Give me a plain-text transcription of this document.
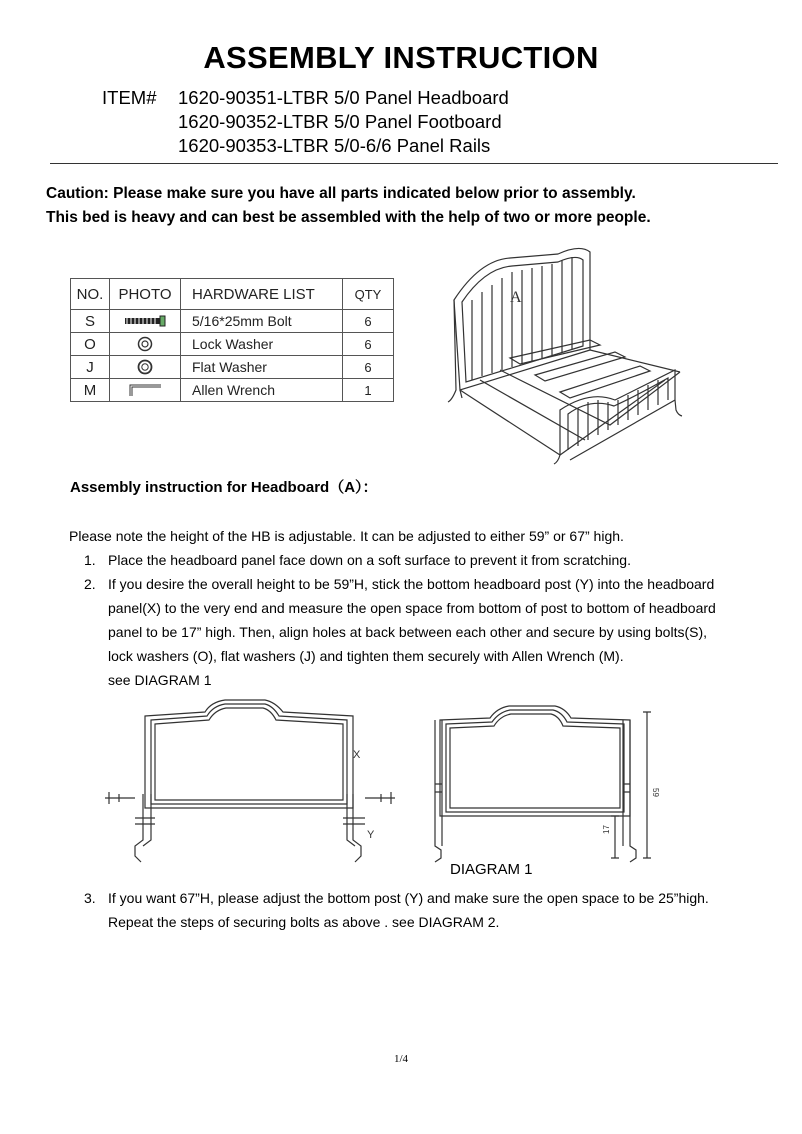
ASSEMBLY INSTRUCTION
ITEM# 1620-90351-LTBR 5/0 Panel Headboard
1620-90352-LTBR 5/0 Panel Footboard
1620-90353-LTBR 5/0-6/6 Panel Rails
Caution: Please make sure you have all parts indicated below prior to assembly.
This bed is heavy and can best be assembled with the help of two or more people.
NO.	PHOTO	HARDWARE LIST	QTY
S		5/16*25mm Bolt	6
O		Lock Washer	6
J		Flat Washer	6
M		Allen Wrench	1
A
Assembly instruction for Headboard（A）：
Please note the height of the HB is adjustable. It can be adjusted to either 59” or 67” high.
1. Place the headboard panel face down on a soft surface to prevent it from scratching.
2. If you desire the overall height to be 59”H, stick the bottom headboard post (Y) into the headboard
panel(X) to the very end and measure the open space from bottom of post to bottom of headboard
panel to be 17” high. Then, align holes at back between each other and secure by using bolts(S),
lock washers (O), flat washers (J) and tighten them securely with Allen Wrench (M).
see DIAGRAM 1
X
Y
59
17
DIAGRAM 1
3. If you want 67”H, please adjust the bottom post (Y) and make sure the open space to be 25”high.
Repeat the steps of securing bolts as above . see DIAGRAM 2.
1/4
